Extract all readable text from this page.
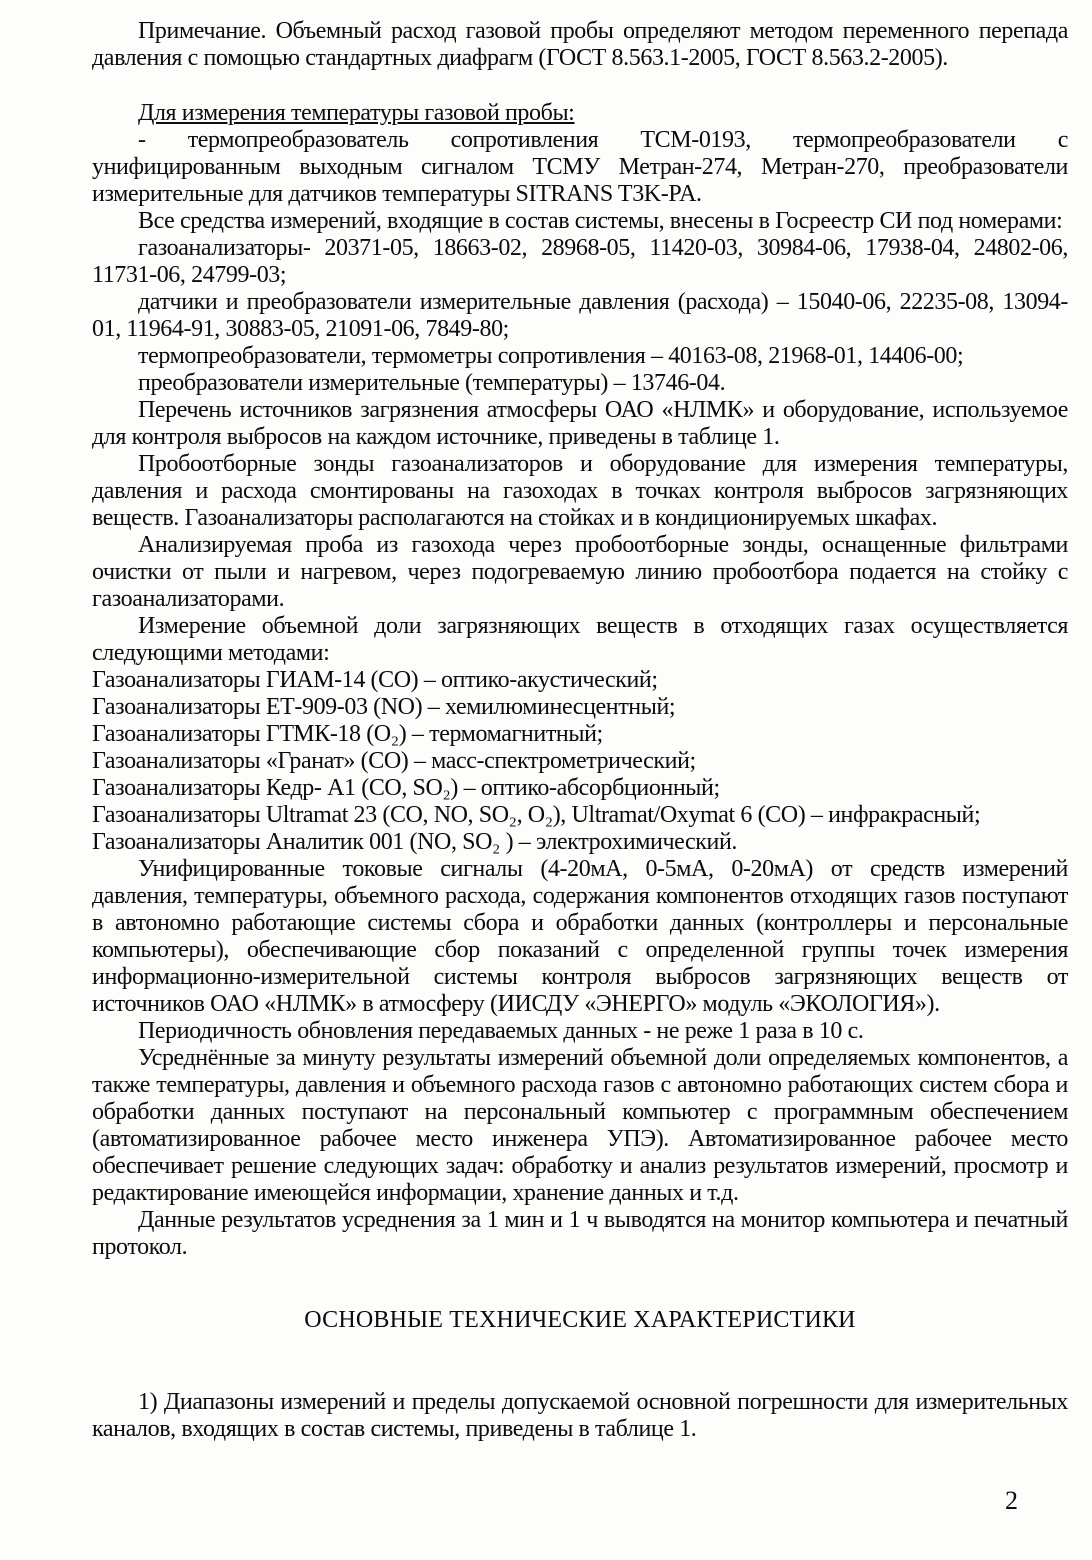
Примечание. Объемный расход газовой пробы определяют методом переменного перепада давления с помощью стандартных диафрагм (ГОСТ 8.563.1-2005, ГОСТ 8.563.2-2005).

Для измерения температуры газовой пробы:

- термопреобразователь сопротивления ТСМ-0193, термопреобразователи с унифицированным выходным сигналом ТСМУ Метран-274, Метран-270, преобразователи измерительные для датчиков температуры SITRANS T3K-PA.

Все средства измерений, входящие в состав системы, внесены в Госреестр СИ под номерами:

газоанализаторы- 20371-05, 18663-02, 28968-05, 11420-03, 30984-06, 17938-04, 24802-06, 11731-06, 24799-03;

датчики и преобразователи измерительные давления (расхода) – 15040-06, 22235-08, 13094-01, 11964-91, 30883-05, 21091-06, 7849-80;

термопреобразователи, термометры сопротивления – 40163-08, 21968-01, 14406-00;

преобразователи измерительные (температуры) – 13746-04.

Перечень источников загрязнения атмосферы ОАО «НЛМК» и оборудование, используемое для контроля выбросов на каждом источнике, приведены в таблице 1.

Пробоотборные зонды газоанализаторов и оборудование для измерения температуры, давления и расхода смонтированы на газоходах в точках контроля выбросов загрязняющих веществ. Газоанализаторы располагаются на стойках и в кондиционируемых шкафах.

Анализируемая проба из газохода через пробоотборные зонды, оснащенные фильтрами очистки от пыли и нагревом, через подогреваемую линию пробоотбора подается на стойку с газоанализаторами.

Измерение объемной доли загрязняющих веществ в отходящих газах осуществляется следующими методами:

Газоанализаторы ГИАМ-14 (СО) – оптико-акустический;

Газоанализаторы ЕТ-909-03 (NO) – хемилюминесцентный;

Газоанализаторы ГТМК-18 (О₂) – термомагнитный;

Газоанализаторы «Гранат» (СО) – масс-спектрометрический;

Газоанализаторы Кедр- А1 (СО, SO₂) – оптико-абсорбционный;

Газоанализаторы Ultramat 23 (CO, NO, SO₂, O₂), Ultramat/Oxymat 6 (CO) – инфракрасный;

Газоанализаторы Аналитик 001 (NO, SO₂ ) – электрохимический.

Унифицированные токовые сигналы (4-20мА, 0-5мА, 0-20мА) от средств измерений давления, температуры, объемного расхода, содержания компонентов отходящих газов поступают в автономно работающие системы сбора и обработки данных (контроллеры и персональные компьютеры), обеспечивающие сбор показаний с определенной группы точек измерения информационно-измерительной системы контроля выбросов загрязняющих веществ от источников ОАО «НЛМК» в атмосферу (ИИСДУ «ЭНЕРГО» модуль «ЭКОЛОГИЯ»).

Периодичность обновления передаваемых данных - не реже 1 раза в 10 с.

Усреднённые за минуту результаты измерений объемной доли определяемых компонентов, а также температуры, давления и объемного расхода газов с автономно работающих систем сбора и обработки данных поступают на персональный компьютер с программным обеспечением (автоматизированное рабочее место инженера УПЭ). Автоматизированное рабочее место обеспечивает решение следующих задач: обработку и анализ результатов измерений, просмотр и редактирование имеющейся информации, хранение данных и т.д.

Данные результатов усреднения за 1 мин и 1 ч выводятся на монитор компьютера и печатный протокол.

ОСНОВНЫЕ ТЕХНИЧЕСКИЕ ХАРАКТЕРИСТИКИ

1) Диапазоны измерений и пределы допускаемой основной погрешности для измерительных каналов, входящих в состав системы, приведены в таблице 1.

2
